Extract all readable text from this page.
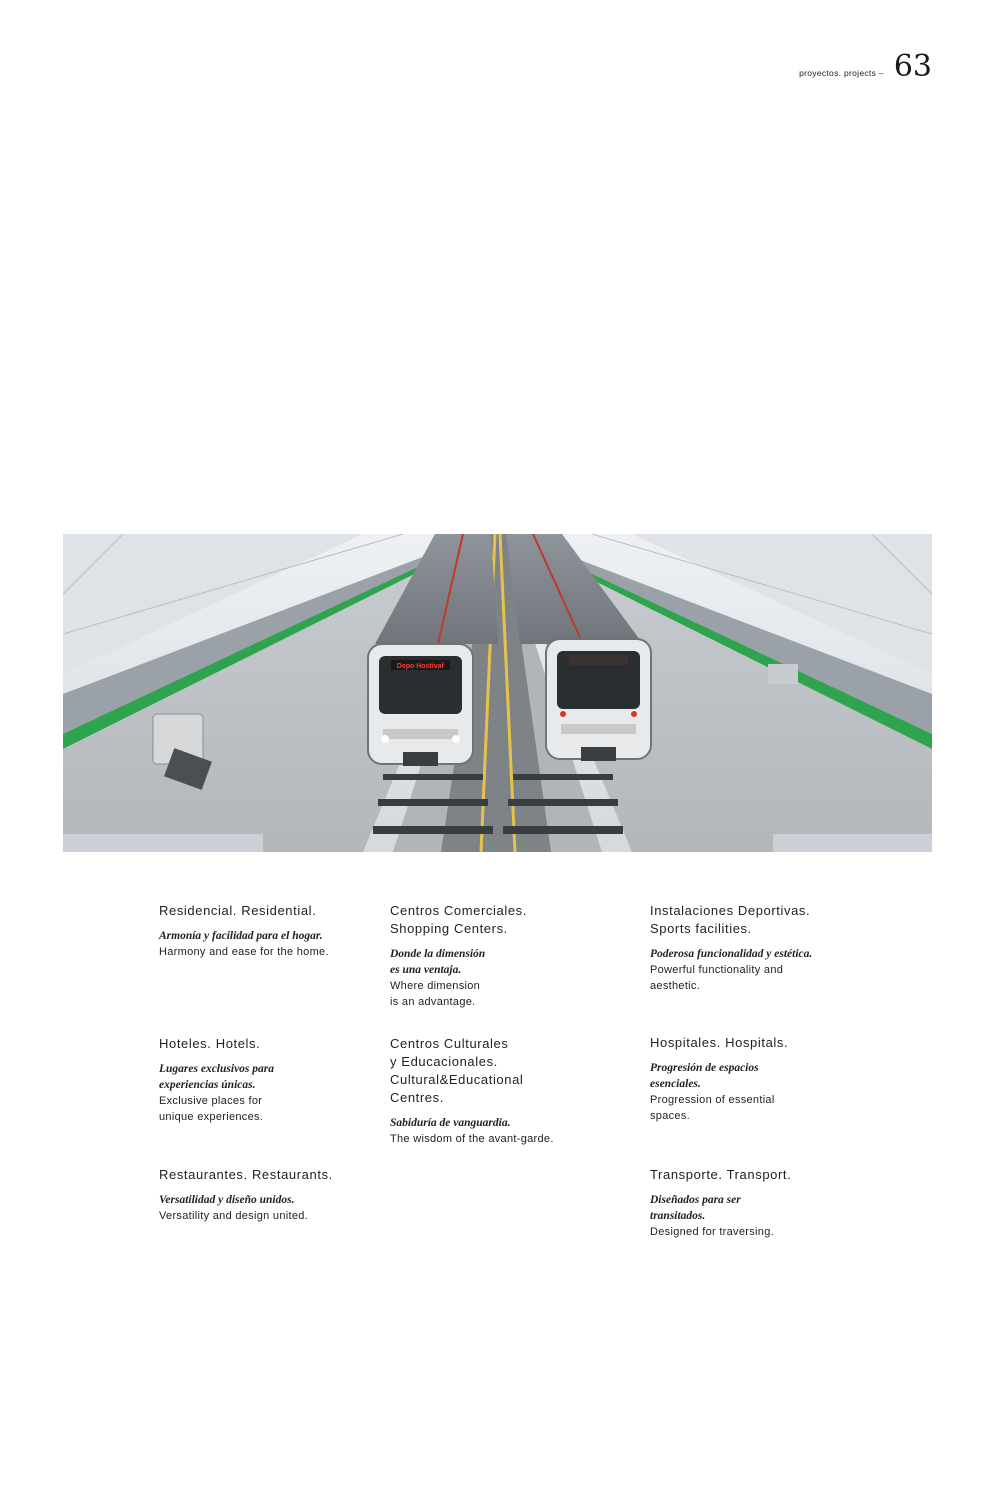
proyectos. projects – 63
Depo Hostivař
Residencial. Residential.
Armonía y facilidad para el hogar.
Harmony and ease for the home.
Centros Comerciales.
Shopping Centers.
Donde la dimensión
es una ventaja.
Where dimension
is an advantage.
Instalaciones Deportivas.
Sports facilities.
Poderosa funcionalidad y estética.
Powerful functionality and
aesthetic.
Hoteles. Hotels.
Lugares exclusivos para
experiencias únicas.
Exclusive places for
unique experiences.
Centros Culturales
y Educacionales.
Cultural&Educational
Centres.
Sabiduría de vanguardia.
The wisdom of the avant-garde.
Hospitales. Hospitals.
Progresión de espacios
esenciales.
Progression of essential
spaces.
Restaurantes. Restaurants.
Versatilidad y diseño unidos.
Versatility and design united.
Transporte. Transport.
Diseñados para ser
transitados.
Designed for traversing.
